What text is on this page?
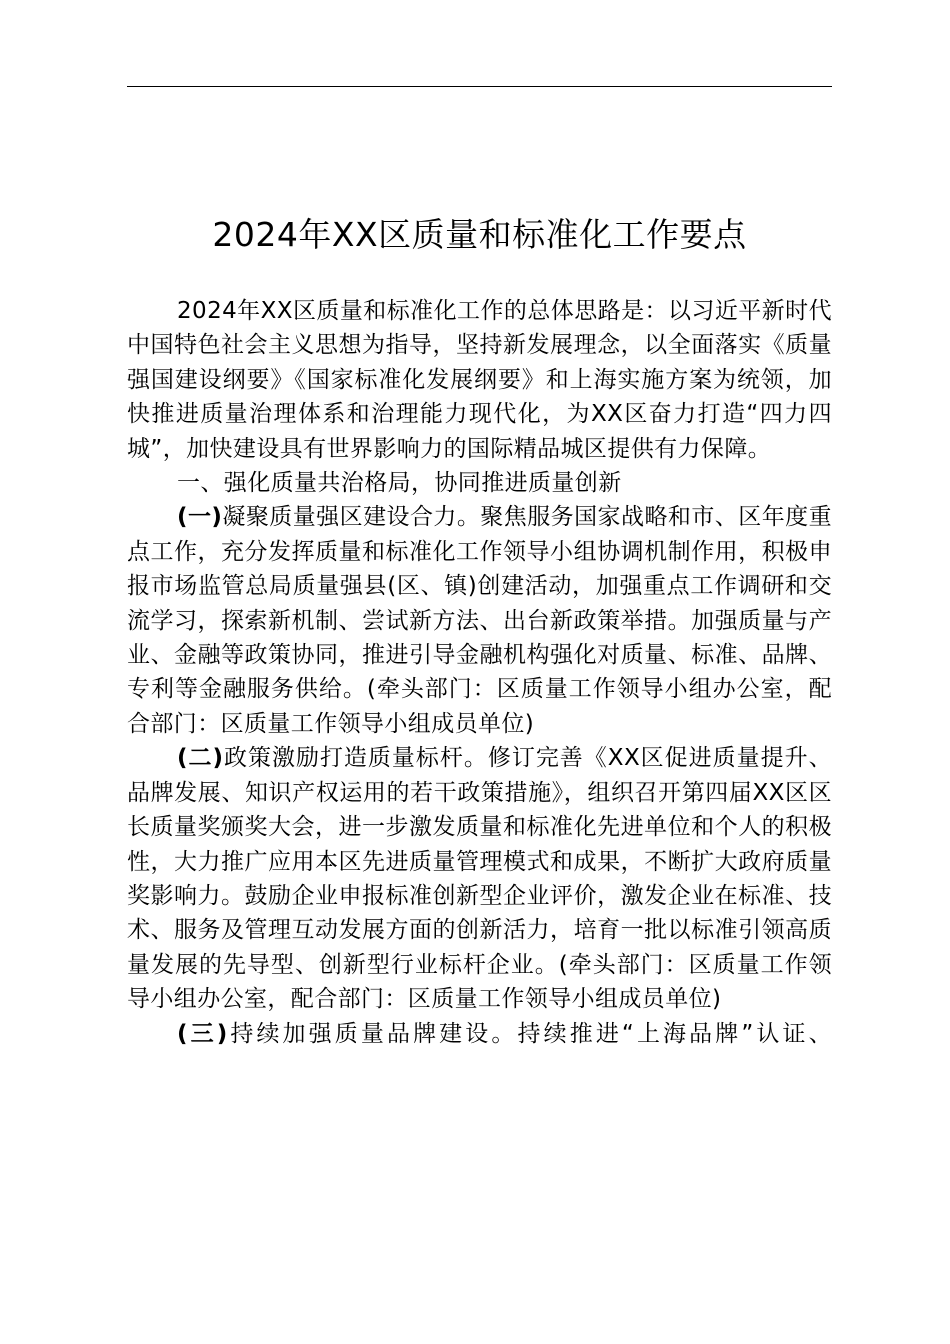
2024年XX区质量和标准化工作要点

2024年XX区质量和标准化工作的总体思路是：以习近平新时代中国特色社会主义思想为指导，坚持新发展理念，以全面落实《质量强国建设纲要》《国家标准化发展纲要》和上海实施方案为统领，加快推进质量治理体系和治理能力现代化，为XX区奋力打造“四力四城”，加快建设具有世界影响力的国际精品城区提供有力保障。

一、强化质量共治格局，协同推进质量创新

(一)凝聚质量强区建设合力。聚焦服务国家战略和市、区年度重点工作，充分发挥质量和标准化工作领导小组协调机制作用，积极申报市场监管总局质量强县(区、镇)创建活动，加强重点工作调研和交流学习，探索新机制、尝试新方法、出台新政策举措。加强质量与产业、金融等政策协同，推进引导金融机构强化对质量、标准、品牌、专利等金融服务供给。(牵头部门：区质量工作领导小组办公室，配合部门：区质量工作领导小组成员单位)

(二)政策激励打造质量标杆。修订完善《XX区促进质量提升、品牌发展、知识产权运用的若干政策措施》，组织召开第四届XX区区长质量奖颁奖大会，进一步激发质量和标准化先进单位和个人的积极性，大力推广应用本区先进质量管理模式和成果，不断扩大政府质量奖影响力。鼓励企业申报标准创新型企业评价，激发企业在标准、技术、服务及管理互动发展方面的创新活力，培育一批以标准引领高质量发展的先导型、创新型行业标杆企业。(牵头部门：区质量工作领导小组办公室，配合部门：区质量工作领导小组成员单位)

(三)持续加强质量品牌建设。持续推进“上海品牌”认证、
